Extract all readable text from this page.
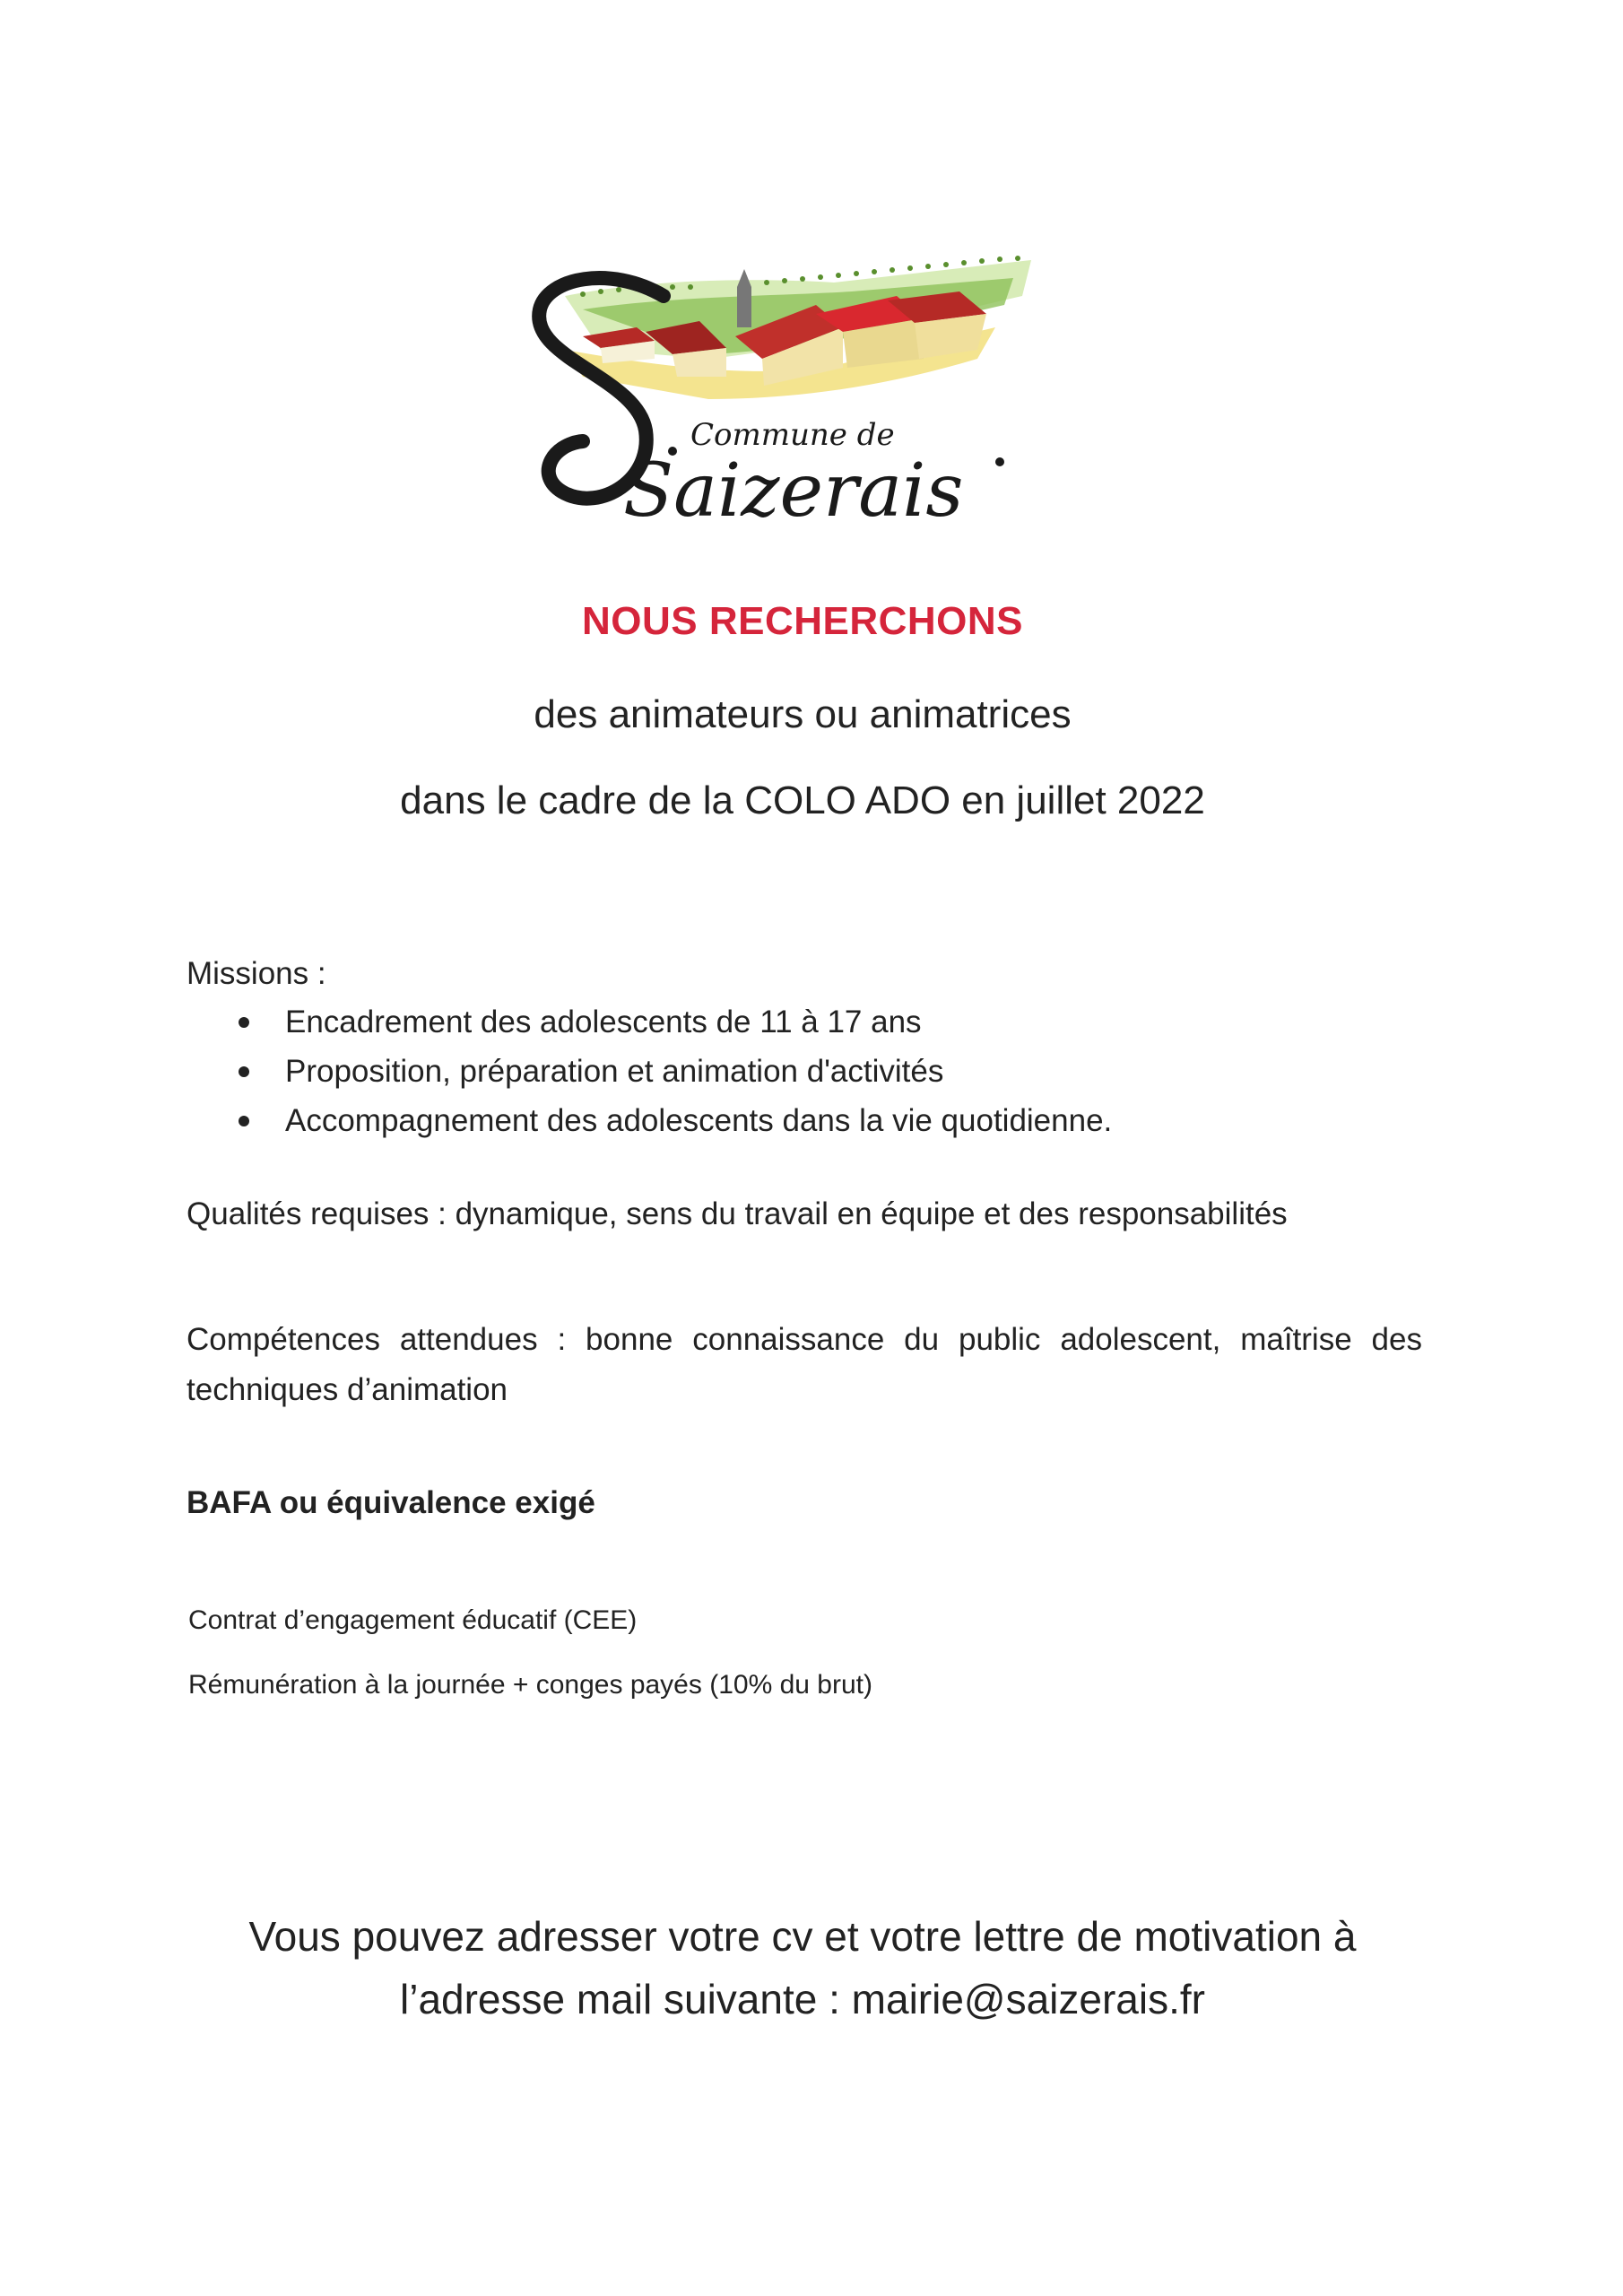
Commune de
Saizerais
NOUS RECHERCHONS
des animateurs ou animatrices
dans le cadre de la COLO ADO en juillet 2022
Missions :
Encadrement des adolescents de 11 à 17 ans
Proposition, préparation et animation d'activités
Accompagnement des adolescents dans la vie quotidienne.
Qualités requises : dynamique, sens du travail en équipe et des responsabilités
Compétences attendues : bonne connaissance du public adolescent, maîtrise des techniques d’animation
BAFA ou équivalence exigé
Contrat d’engagement éducatif (CEE)
Rémunération à la journée + conges payés (10% du brut)
Vous pouvez adresser votre cv et votre lettre de motivation à
l’adresse mail suivante : mairie@saizerais.fr
